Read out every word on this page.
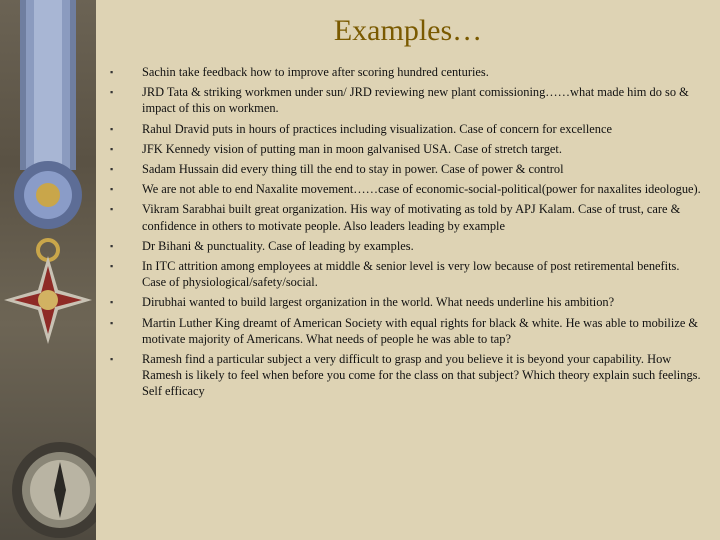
Examples…
▪ Sachin take feedback how to improve after scoring hundred centuries.
▪ JRD Tata & striking workmen under sun/ JRD reviewing new plant comissioning……what made him do so & impact of this on workmen.
▪ Rahul Dravid puts in hours of practices including visualization. Case of concern for excellence
▪ JFK Kennedy vision of putting man in moon galvanised USA. Case of stretch target.
▪ Sadam Hussain did every thing till the end to stay in power. Case of power & control
▪ We are not able to end Naxalite movement……case of economic-social-political(power for naxalites ideologue).
▪ Vikram Sarabhai built great organization. His way of motivating as told by APJ Kalam. Case of trust, care & confidence in others to motivate people. Also leaders leading by example
▪ Dr Bihani & punctuality. Case of leading by examples.
▪ In ITC attrition among employees at middle & senior level is very low because of post retiremental benefits. Case of physiological/safety/social.
▪ Dirubhai wanted to build largest organization in the world. What needs underline his ambition?
▪ Martin Luther King dreamt of American Society with equal rights for black & white. He was able to mobilize & motivate majority of Americans. What needs of people he was able to tap?
▪ Ramesh find a particular subject a very difficult to grasp and you believe it is beyond your capability. How Ramesh is likely to feel when before you come for the class on that subject? Which theory explain such feelings. Self efficacy
